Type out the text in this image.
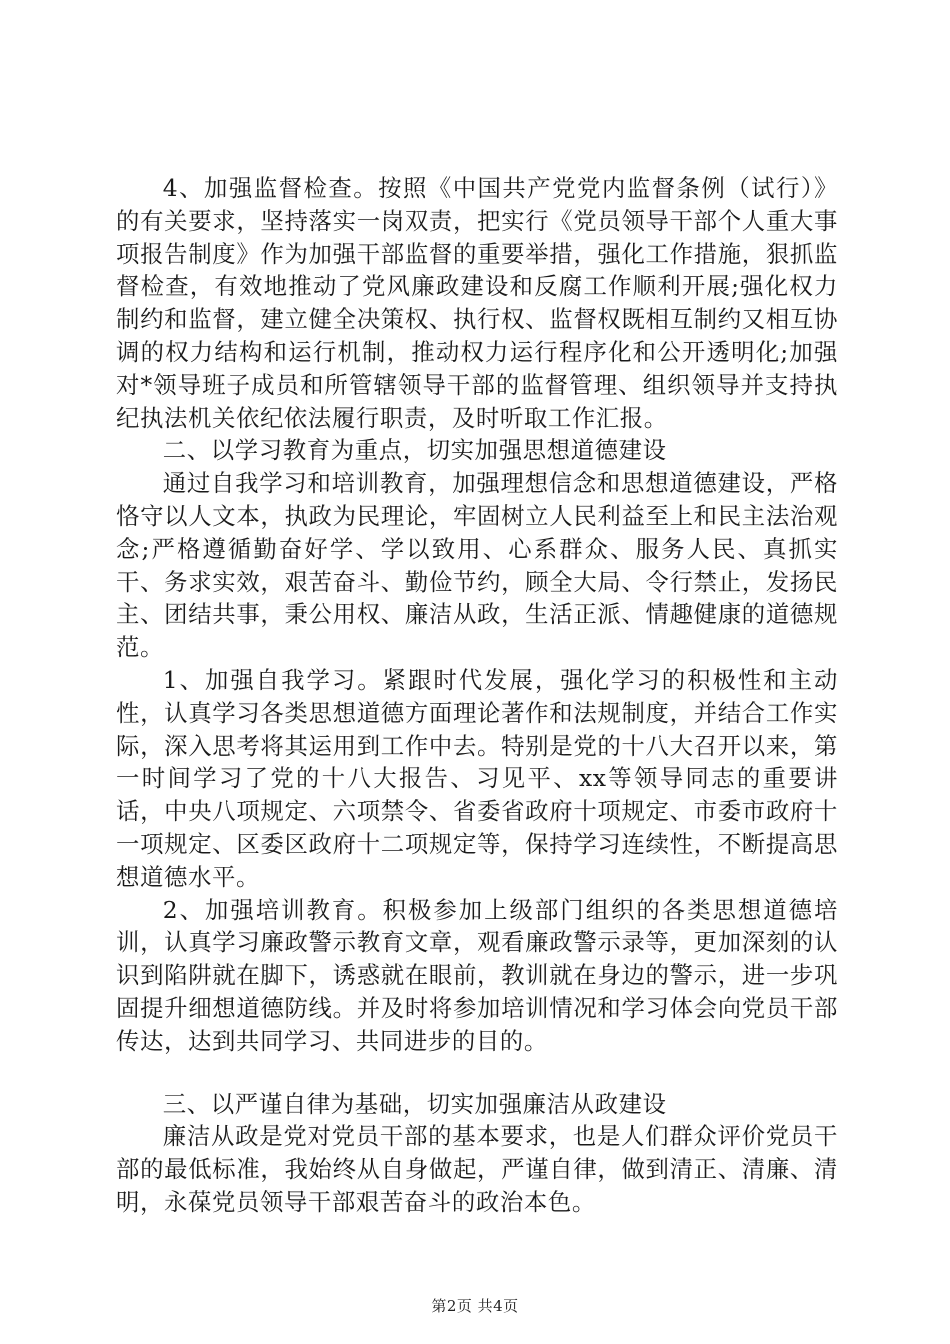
4、加强监督检查。按照《中国共产党党内监督条例（试行）》的有关要求，坚持落实一岗双责，把实行《党员领导干部个人重大事项报告制度》作为加强干部监督的重要举措，强化工作措施，狠抓监督检查，有效地推动了党风廉政建设和反腐工作顺利开展;强化权力制约和监督，建立健全决策权、执行权、监督权既相互制约又相互协调的权力结构和运行机制，推动权力运行程序化和公开透明化;加强对*领导班子成员和所管辖领导干部的监督管理、组织领导并支持执纪执法机关依纪依法履行职责，及时听取工作汇报。

二、以学习教育为重点，切实加强思想道德建设

通过自我学习和培训教育，加强理想信念和思想道德建设，严格恪守以人文本，执政为民理论，牢固树立人民利益至上和民主法治观念;严格遵循勤奋好学、学以致用、心系群众、服务人民、真抓实干、务求实效，艰苦奋斗、勤俭节约，顾全大局、令行禁止，发扬民主、团结共事，秉公用权、廉洁从政，生活正派、情趣健康的道德规范。

1、加强自我学习。紧跟时代发展，强化学习的积极性和主动性，认真学习各类思想道德方面理论著作和法规制度，并结合工作实际，深入思考将其运用到工作中去。特别是党的十八大召开以来，第一时间学习了党的十八大报告、习见平、xx等领导同志的重要讲话，中央八项规定、六项禁令、省委省政府十项规定、市委市政府十一项规定、区委区政府十二项规定等，保持学习连续性，不断提高思想道德水平。

2、加强培训教育。积极参加上级部门组织的各类思想道德培训，认真学习廉政警示教育文章，观看廉政警示录等，更加深刻的认识到陷阱就在脚下，诱惑就在眼前，教训就在身边的警示，进一步巩固提升细想道德防线。并及时将参加培训情况和学习体会向党员干部传达，达到共同学习、共同进步的目的。

三、以严谨自律为基础，切实加强廉洁从政建设

廉洁从政是党对党员干部的基本要求，也是人们群众评价党员干部的最低标准，我始终从自身做起，严谨自律，做到清正、清廉、清明，永葆党员领导干部艰苦奋斗的政治本色。

第2页 共4页
